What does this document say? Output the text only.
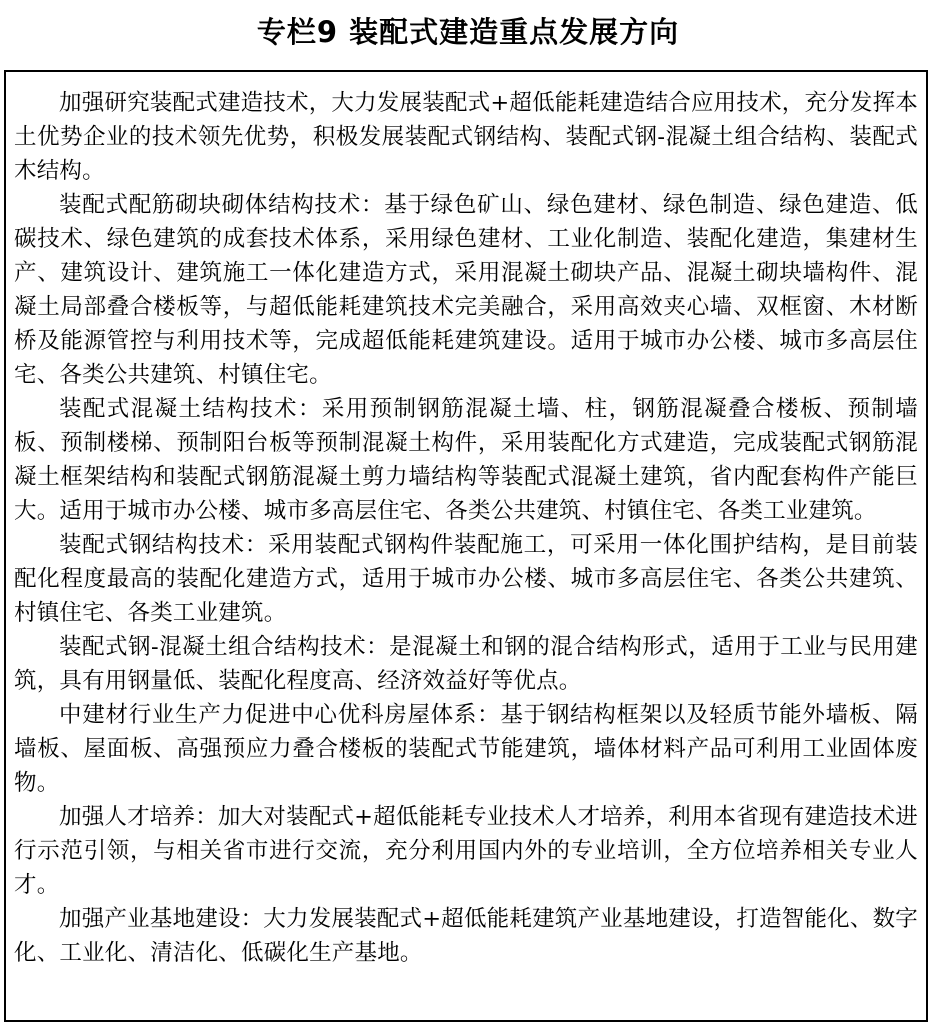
专栏9 装配式建造重点发展方向

加强研究装配式建造技术，大力发展装配式+超低能耗建造结合应用技术，充分发挥本土优势企业的技术领先优势，积极发展装配式钢结构、装配式钢-混凝土组合结构、装配式木结构。

装配式配筋砌块砌体结构技术：基于绿色矿山、绿色建材、绿色制造、绿色建造、低碳技术、绿色建筑的成套技术体系，采用绿色建材、工业化制造、装配化建造，集建材生产、建筑设计、建筑施工一体化建造方式，采用混凝土砌块产品、混凝土砌块墙构件、混凝土局部叠合楼板等，与超低能耗建筑技术完美融合，采用高效夹心墙、双框窗、木材断桥及能源管控与利用技术等，完成超低能耗建筑建设。适用于城市办公楼、城市多高层住宅、各类公共建筑、村镇住宅。

装配式混凝土结构技术：采用预制钢筋混凝土墙、柱，钢筋混凝叠合楼板、预制墙板、预制楼梯、预制阳台板等预制混凝土构件，采用装配化方式建造，完成装配式钢筋混凝土框架结构和装配式钢筋混凝土剪力墙结构等装配式混凝土建筑，省内配套构件产能巨大。适用于城市办公楼、城市多高层住宅、各类公共建筑、村镇住宅、各类工业建筑。

装配式钢结构技术：采用装配式钢构件装配施工，可采用一体化围护结构，是目前装配化程度最高的装配化建造方式，适用于城市办公楼、城市多高层住宅、各类公共建筑、村镇住宅、各类工业建筑。

装配式钢-混凝土组合结构技术：是混凝土和钢的混合结构形式，适用于工业与民用建筑，具有用钢量低、装配化程度高、经济效益好等优点。

中建材行业生产力促进中心优科房屋体系：基于钢结构框架以及轻质节能外墙板、隔墙板、屋面板、高强预应力叠合楼板的装配式节能建筑，墙体材料产品可利用工业固体废物。

加强人才培养：加大对装配式+超低能耗专业技术人才培养，利用本省现有建造技术进行示范引领，与相关省市进行交流，充分利用国内外的专业培训，全方位培养相关专业人才。

加强产业基地建设：大力发展装配式+超低能耗建筑产业基地建设，打造智能化、数字化、工业化、清洁化、低碳化生产基地。
